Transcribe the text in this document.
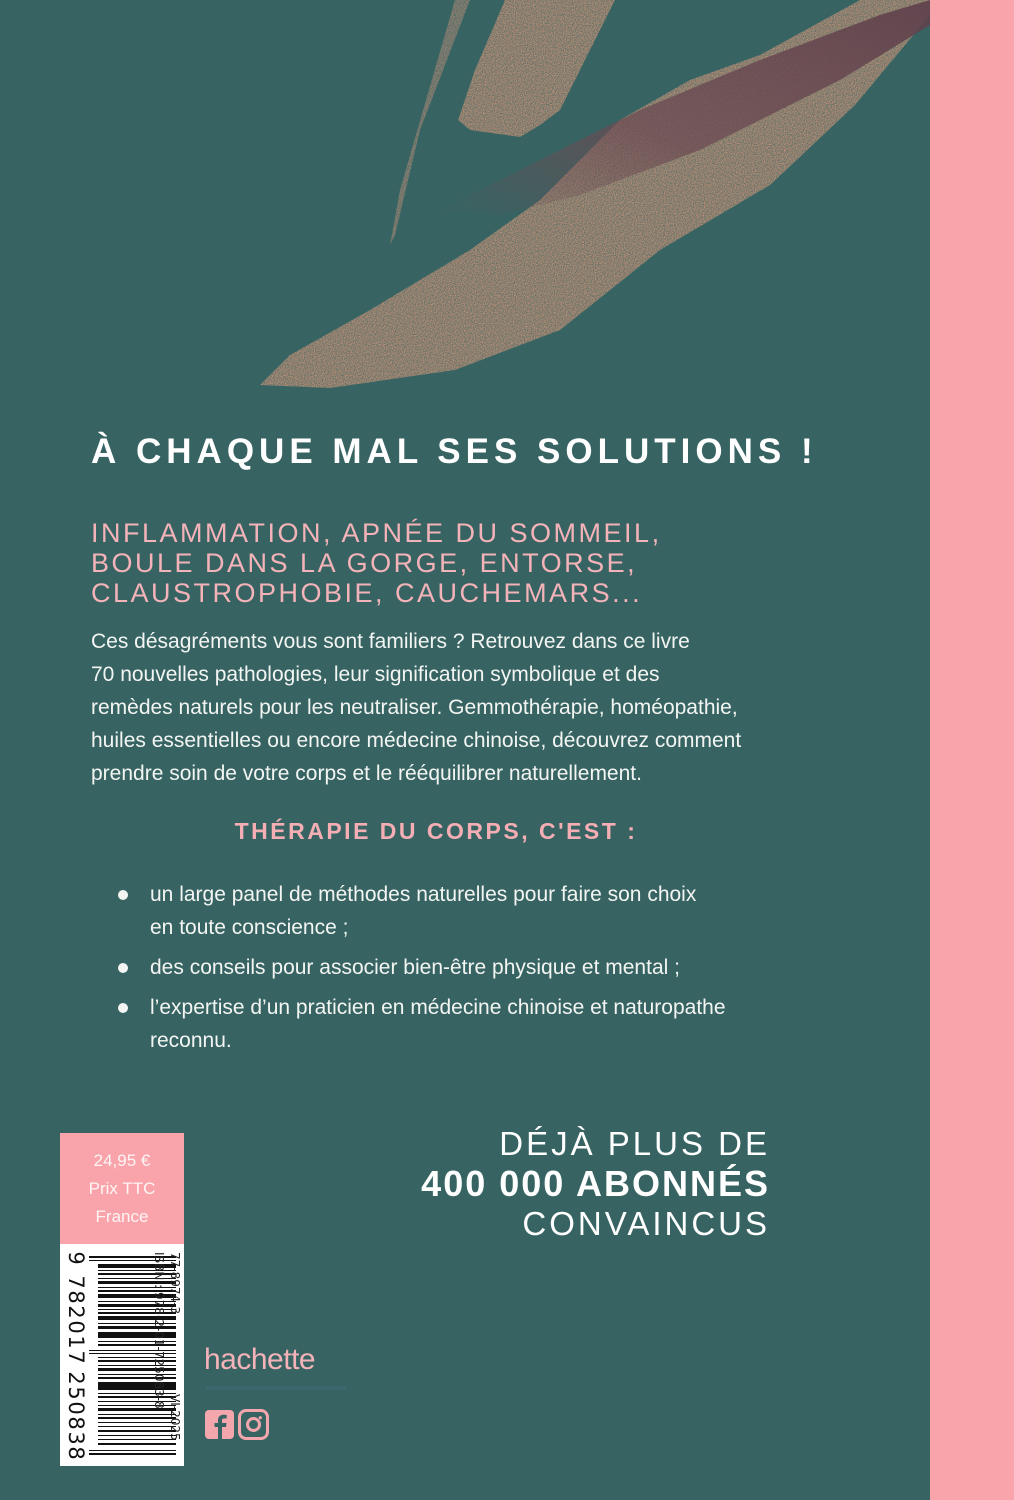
À CHAQUE MAL SES SOLUTIONS !
INFLAMMATION, APNÉE DU SOMMEIL,
BOULE DANS LA GORGE, ENTORSE,
CLAUSTROPHOBIE, CAUCHEMARS...
Ces désagréments vous sont familiers ? Retrouvez dans ce livre
70 nouvelles pathologies, leur signification symbolique et des
remèdes naturels pour les neutraliser. Gemmothérapie, homéopathie,
huiles essentielles ou encore médecine chinoise, découvrez comment
prendre soin de votre corps et le rééquilibrer naturellement.
THÉRAPIE DU CORPS, C'EST :
un large panel de méthodes naturelles pour faire son choix
en toute conscience ;
des conseils pour associer bien-être physique et mental ;
l’expertise d’un praticien en médecine chinoise et naturopathe
reconnu.
DÉJÀ PLUS DE
400 000 ABONNÉS
CONVAINCUS
24,95 €
Prix TTC
France
9
7
8
2
0
1
7
2
5
0
8
3
8
77-8974-3
VI-2025
ISBN : 978-2-01-725083-8 hachette
